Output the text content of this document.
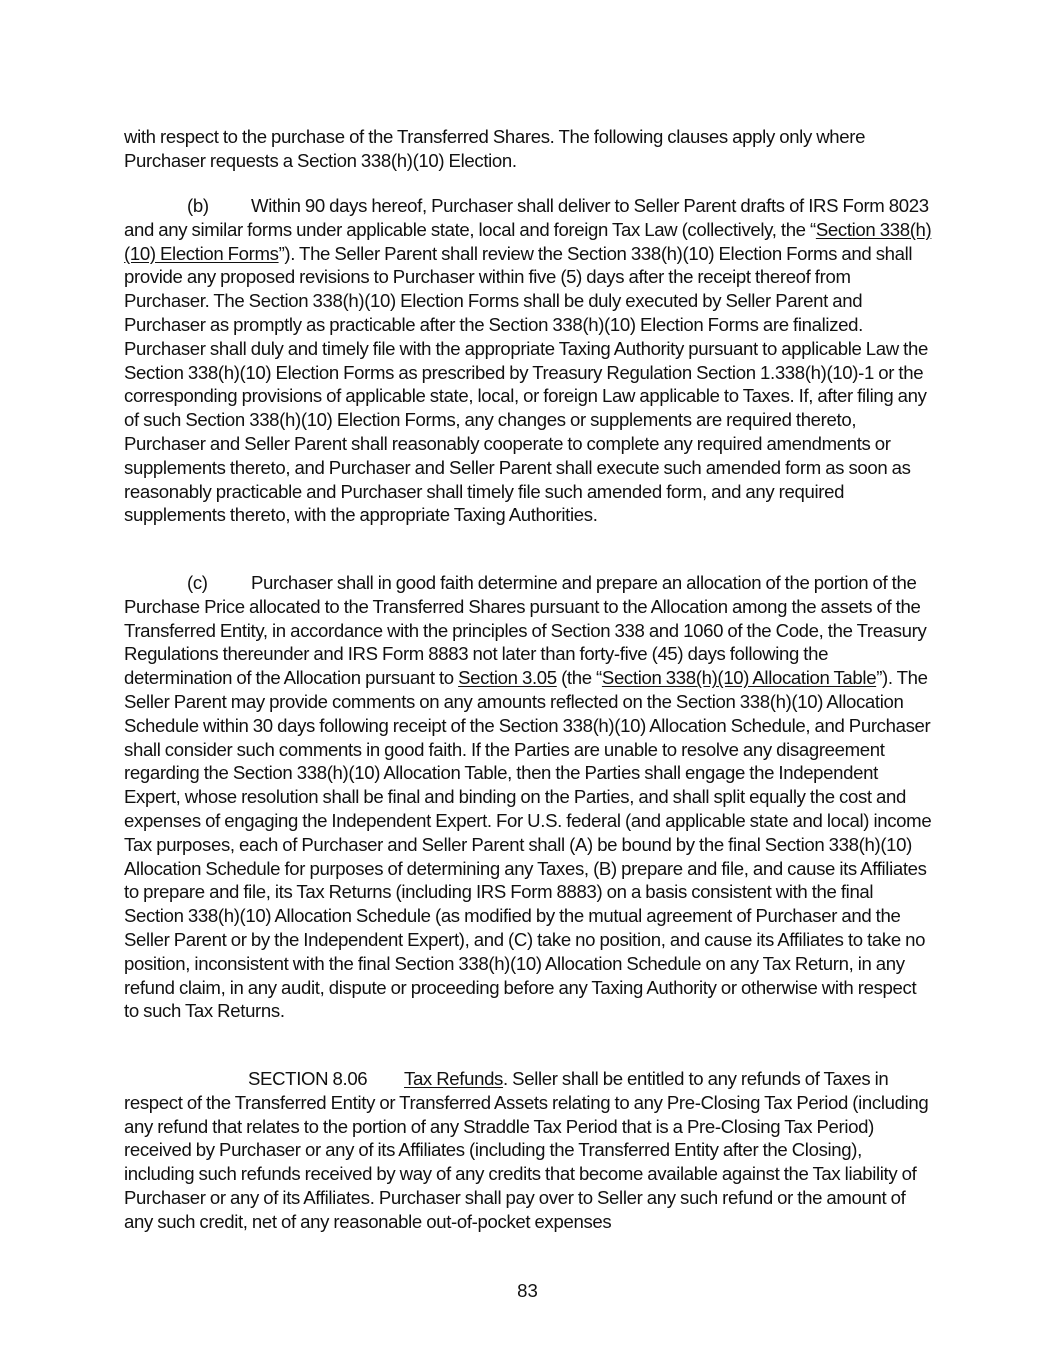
with respect to the purchase of the Transferred Shares. The following clauses apply only where Purchaser requests a Section 338(h)(10) Election.

(b) Within 90 days hereof, Purchaser shall deliver to Seller Parent drafts of IRS Form 8023 and any similar forms under applicable state, local and foreign Tax Law (collectively, the “Section 338(h)(10) Election Forms”). The Seller Parent shall review the Section 338(h)(10) Election Forms and shall provide any proposed revisions to Purchaser within five (5) days after the receipt thereof from Purchaser. The Section 338(h)(10) Election Forms shall be duly executed by Seller Parent and Purchaser as promptly as practicable after the Section 338(h)(10) Election Forms are finalized. Purchaser shall duly and timely file with the appropriate Taxing Authority pursuant to applicable Law the Section 338(h)(10) Election Forms as prescribed by Treasury Regulation Section 1.338(h)(10)-1 or the corresponding provisions of applicable state, local, or foreign Law applicable to Taxes. If, after filing any of such Section 338(h)(10) Election Forms, any changes or supplements are required thereto, Purchaser and Seller Parent shall reasonably cooperate to complete any required amendments or supplements thereto, and Purchaser and Seller Parent shall execute such amended form as soon as reasonably practicable and Purchaser shall timely file such amended form, and any required supplements thereto, with the appropriate Taxing Authorities.

(c) Purchaser shall in good faith determine and prepare an allocation of the portion of the Purchase Price allocated to the Transferred Shares pursuant to the Allocation among the assets of the Transferred Entity, in accordance with the principles of Section 338 and 1060 of the Code, the Treasury Regulations thereunder and IRS Form 8883 not later than forty-five (45) days following the determination of the Allocation pursuant to Section 3.05 (the “Section 338(h)(10) Allocation Table”). The Seller Parent may provide comments on any amounts reflected on the Section 338(h)(10) Allocation Schedule within 30 days following receipt of the Section 338(h)(10) Allocation Schedule, and Purchaser shall consider such comments in good faith. If the Parties are unable to resolve any disagreement regarding the Section 338(h)(10) Allocation Table, then the Parties shall engage the Independent Expert, whose resolution shall be final and binding on the Parties, and shall split equally the cost and expenses of engaging the Independent Expert. For U.S. federal (and applicable state and local) income Tax purposes, each of Purchaser and Seller Parent shall (A) be bound by the final Section 338(h)(10) Allocation Schedule for purposes of determining any Taxes, (B) prepare and file, and cause its Affiliates to prepare and file, its Tax Returns (including IRS Form 8883) on a basis consistent with the final Section 338(h)(10) Allocation Schedule (as modified by the mutual agreement of Purchaser and the Seller Parent or by the Independent Expert), and (C) take no position, and cause its Affiliates to take no position, inconsistent with the final Section 338(h)(10) Allocation Schedule on any Tax Return, in any refund claim, in any audit, dispute or proceeding before any Taxing Authority or otherwise with respect to such Tax Returns.

SECTION 8.06 Tax Refunds. Seller shall be entitled to any refunds of Taxes in respect of the Transferred Entity or Transferred Assets relating to any Pre-Closing Tax Period (including any refund that relates to the portion of any Straddle Tax Period that is a Pre-Closing Tax Period) received by Purchaser or any of its Affiliates (including the Transferred Entity after the Closing), including such refunds received by way of any credits that become available against the Tax liability of Purchaser or any of its Affiliates. Purchaser shall pay over to Seller any such refund or the amount of any such credit, net of any reasonable out-of-pocket expenses

83
